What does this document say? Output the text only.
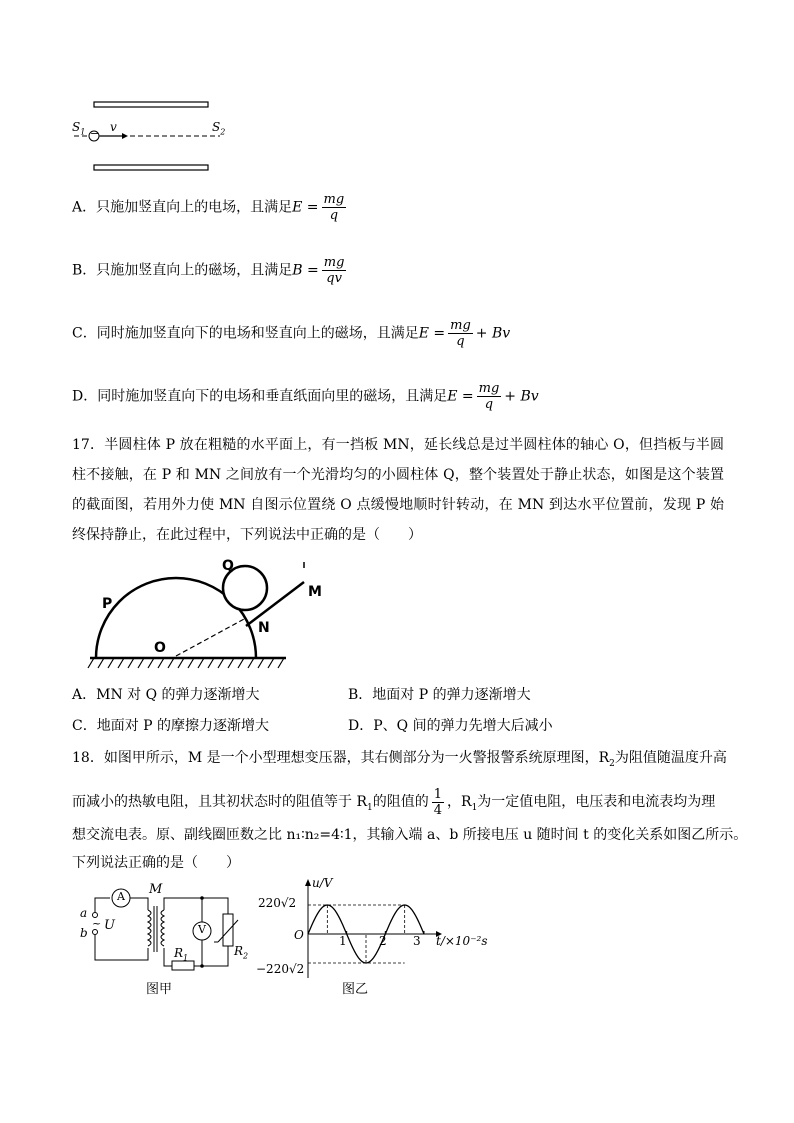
−
$S_1$ v	$S_2$
A．只施加竖直向上的电场，且满足$E = \frac{mg}{q}$
B．只施加竖直向上的磁场，且满足$B = \frac{mg}{qv}$
C．同时施加竖直向下的电场和竖直向上的磁场，且满足$E = \frac{mg}{q} + Bv$
D．同时施加竖直向下的电场和垂直纸面向里的磁场，且满足$E = \frac{mg}{q} + Bv$
17．半圆柱体 P 放在粗糙的水平面上，有一挡板 MN，延长线总是过半圆柱体的轴心 O，但挡板与半圆柱不接触，在 P 和 MN 之间放有一个光滑均匀的小圆柱体 Q，整个装置处于静止状态，如图是这个装置的截面图，若用外力使 MN 自图示位置绕 O 点缓慢地顺时针转动，在 MN 到达水平位置前，发现 P 始终保持静止，在此过程中，下列说法中正确的是（　　）
P
Q
M
N
O
A．MN 对 Q 的弹力逐渐增大	B．地面对 P 的弹力逐渐增大
C．地面对 P 的摩擦力逐渐增大	D．P、Q 间的弹力先增大后减小
18．如图甲所示，M 是一个小型理想变压器，其右侧部分为一火警报警系统原理图，$R_2$为阻值随温度升高
而减小的热敏电阻，且其初状态时的阻值等于 $R_1$的阻值的 $\frac{1}{4}$ ，$R_1$为一定值电阻，电压表和电流表均为理
想交流电表。原、副线圈匝数之比 n₁∶n₂=4∶1，其输入端 a、b 所接电压 u 随时间 t 的变化关系如图乙所示。
下列说法正确的是（　　）
a
b
~ U
A
V
M
$R_1$	$R_2$
图甲
u/V
t/×10⁻²s
220√2
−220√2
O	1	2 3
图乙
